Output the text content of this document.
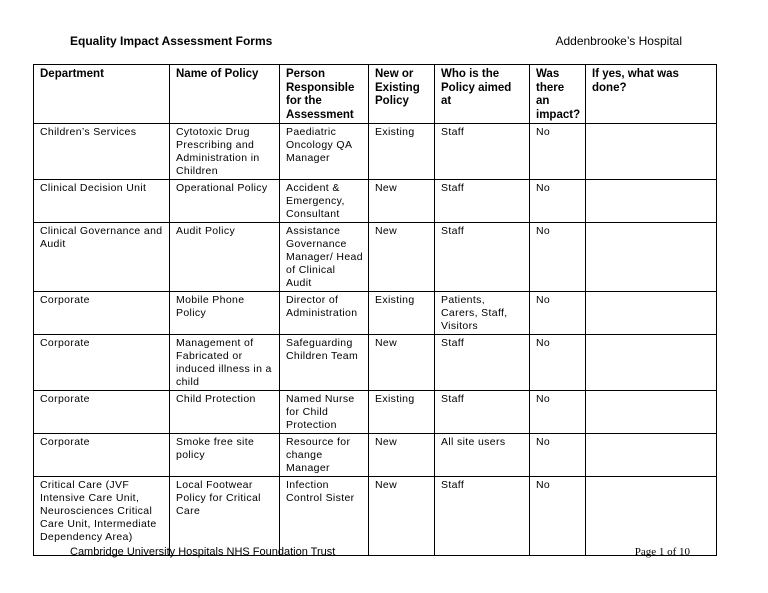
Equality Impact Assessment Forms	Addenbrooke’s Hospital
Department	Name of Policy	Person Responsible for the Assessment	New or Existing Policy	Who is the Policy aimed at	Was there an impact?	If yes, what was done?
Children’s Services	Cytotoxic Drug Prescribing and Administration in Children	Paediatric Oncology QA Manager	Existing	Staff	No	
Clinical Decision Unit	Operational Policy	Accident & Emergency, Consultant	New	Staff	No	
Clinical Governance and Audit	Audit Policy	Assistance Governance Manager/ Head of Clinical Audit	New	Staff	No	
Corporate	Mobile Phone Policy	Director of Administration	Existing	Patients, Carers, Staff, Visitors	No	
Corporate	Management of Fabricated or induced illness in a child	Safeguarding Children Team	New	Staff	No	
Corporate	Child Protection	Named Nurse for Child Protection	Existing	Staff	No	
Corporate	Smoke free site policy	Resource for change Manager	New	All site users	No	
Critical Care (JVF Intensive Care Unit, Neurosciences Critical Care Unit, Intermediate Dependency Area)	Local Footwear Policy for Critical Care	Infection Control Sister	New	Staff	No	
Cambridge University Hospitals NHS Foundation Trust	Page 1 of 10
